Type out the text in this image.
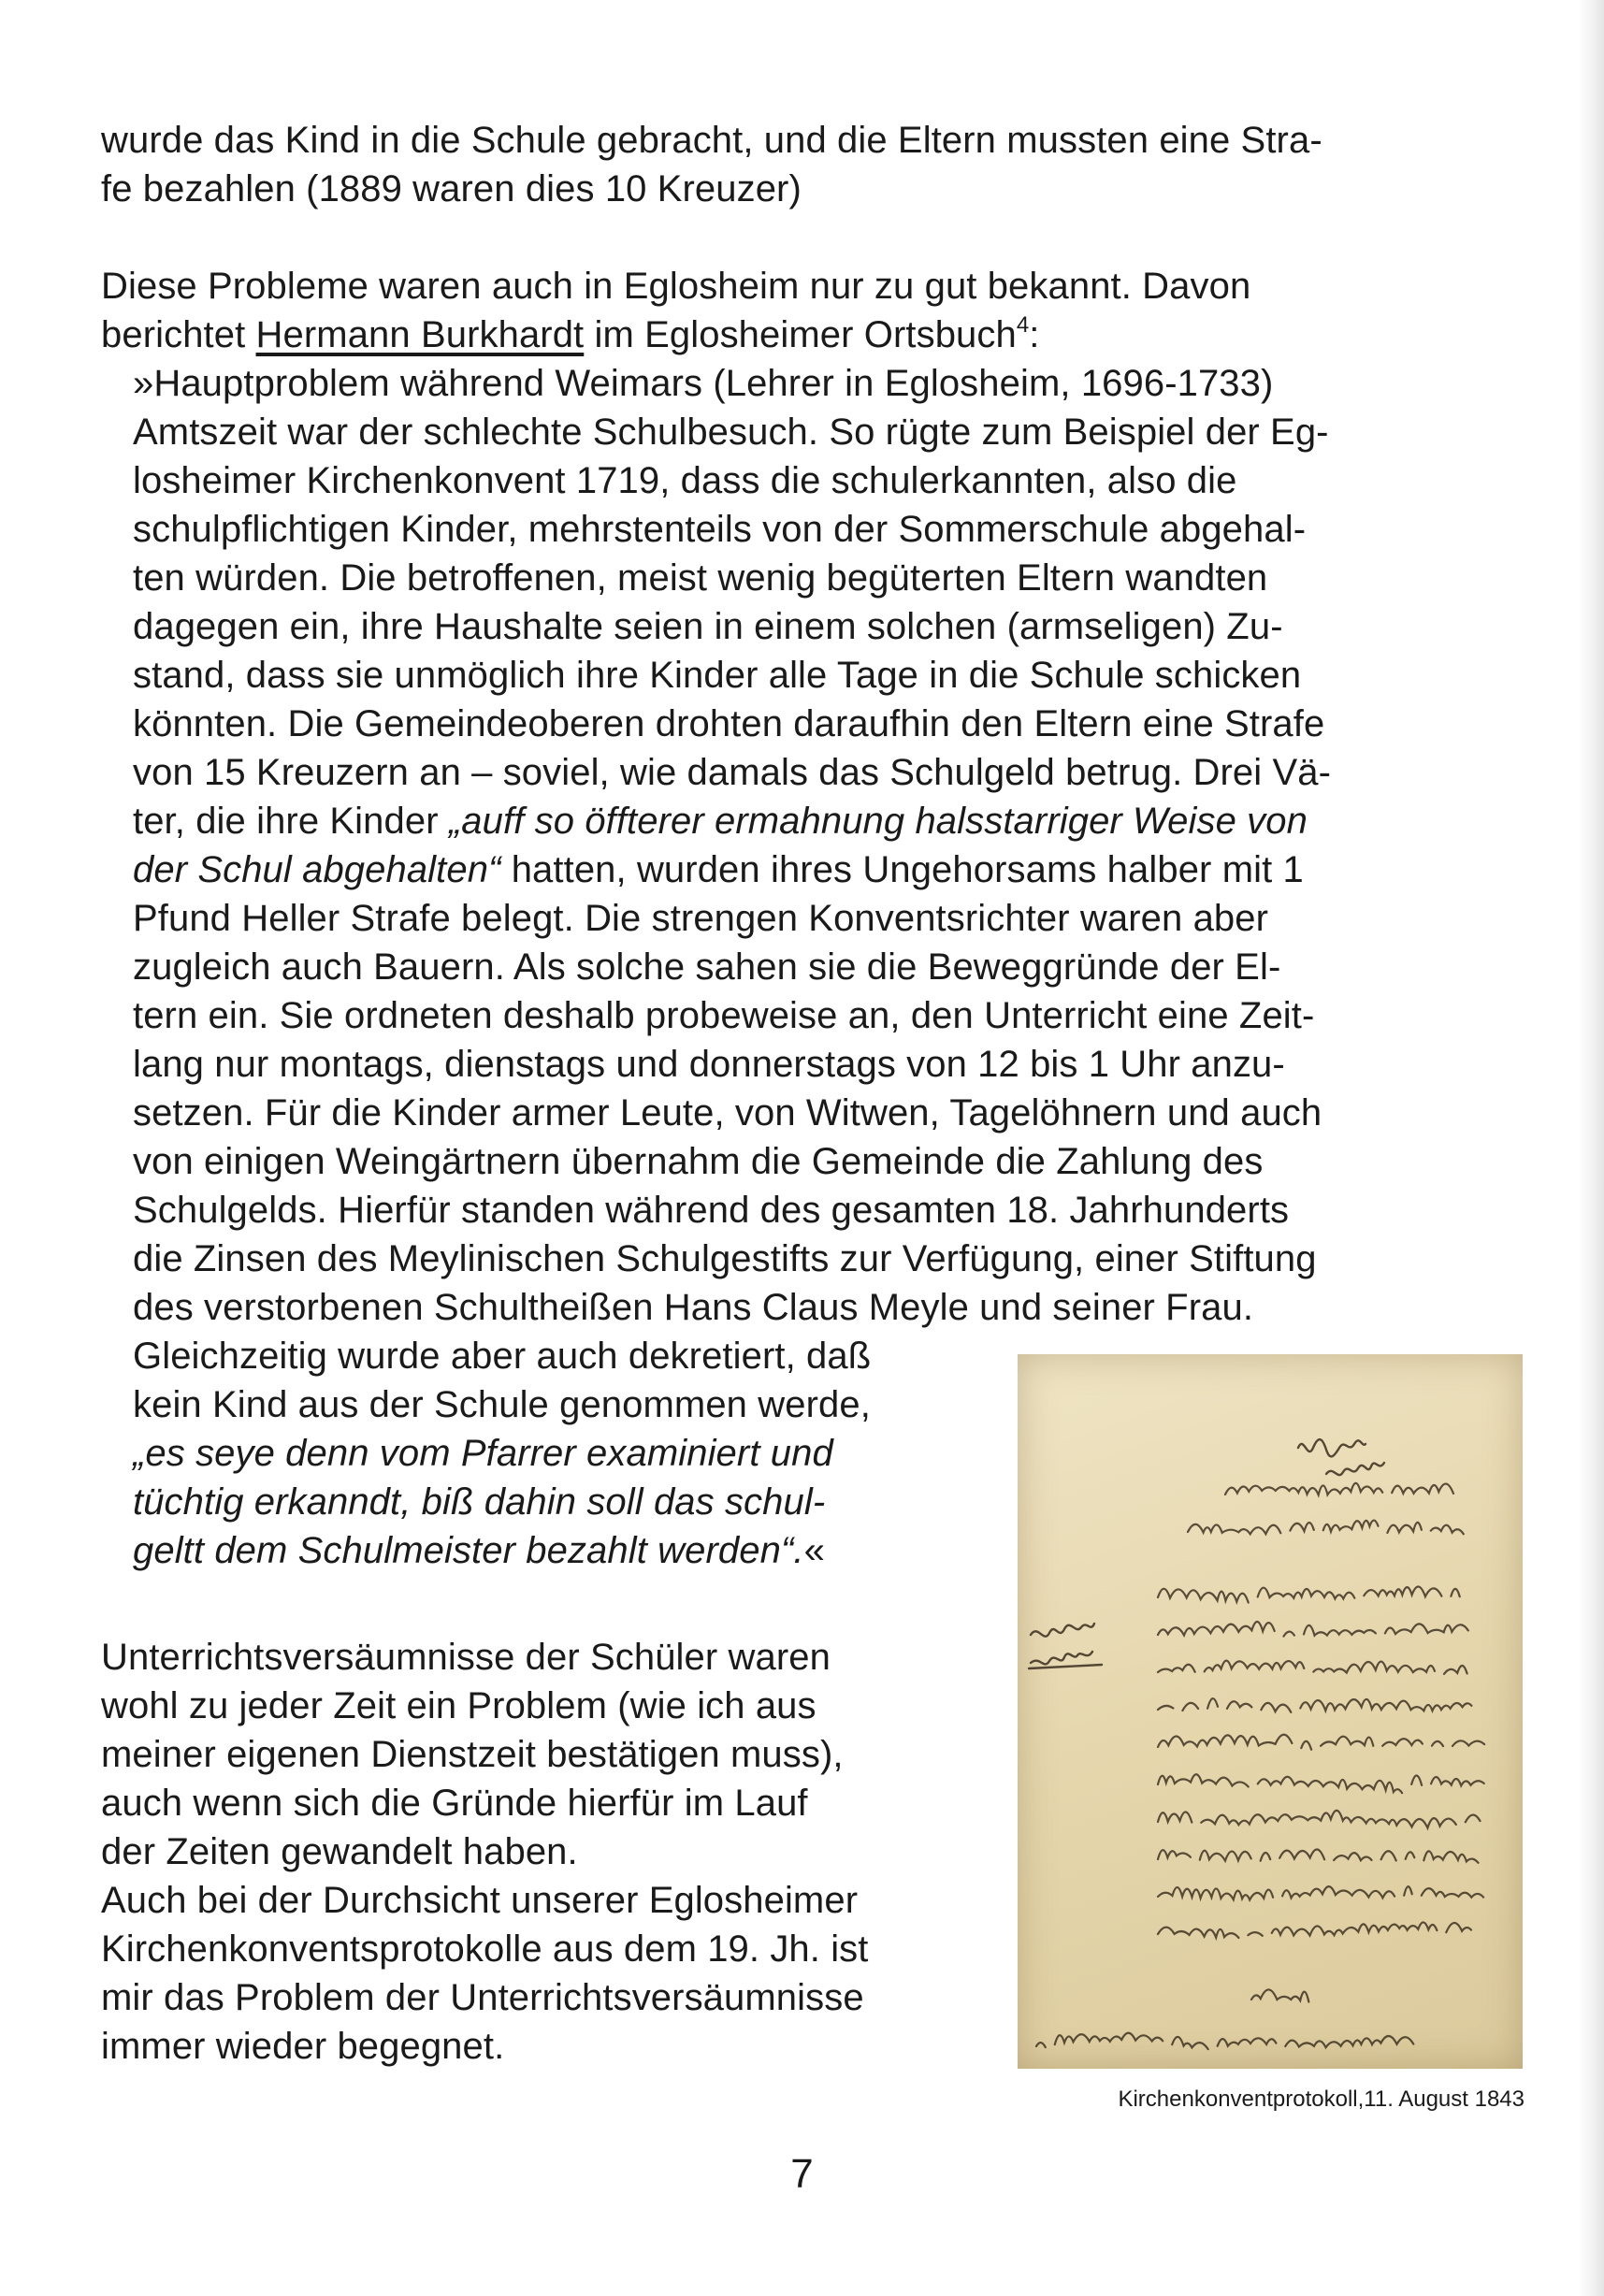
wurde das Kind in die Schule gebracht, und die Eltern mussten eine Stra-
fe bezahlen (1889 waren dies 10 Kreuzer)
Diese Probleme waren auch in Eglosheim nur zu gut bekannt. Davon
berichtet Hermann Burkhardt im Eglosheimer Ortsbuch$^4$:
»Hauptproblem während Weimars (Lehrer in Eglosheim, 1696-1733)
Amtszeit war der schlechte Schulbesuch. So rügte zum Beispiel der Eg-
losheimer Kirchenkonvent 1719, dass die schulerkannten, also die
schulpflichtigen Kinder, mehrstenteils von der Sommerschule abgehal-
ten würden. Die betroffenen, meist wenig begüterten Eltern wandten
dagegen ein, ihre Haushalte seien in einem solchen (armseligen) Zu-
stand, dass sie unmöglich ihre Kinder alle Tage in die Schule schicken
könnten. Die Gemeindeoberen drohten daraufhin den Eltern eine Strafe
von 15 Kreuzern an – soviel, wie damals das Schulgeld betrug. Drei Vä-
ter, die ihre Kinder „auff so öffterer ermahnung halsstarriger Weise von
der Schul abgehalten“ hatten, wurden ihres Ungehorsams halber mit 1
Pfund Heller Strafe belegt. Die strengen Konventsrichter waren aber
zugleich auch Bauern. Als solche sahen sie die Beweggründe der El-
tern ein. Sie ordneten deshalb probeweise an, den Unterricht eine Zeit-
lang nur montags, dienstags und donnerstags von 12 bis 1 Uhr anzu-
setzen. Für die Kinder armer Leute, von Witwen, Tagelöhnern und auch
von einigen Weingärtnern übernahm die Gemeinde die Zahlung des
Schulgelds. Hierfür standen während des gesamten 18. Jahrhunderts
die Zinsen des Meylinischen Schulgestifts zur Verfügung, einer Stiftung
des verstorbenen Schultheißen Hans Claus Meyle und seiner Frau.
Gleichzeitig wurde aber auch dekretiert, daß
kein Kind aus der Schule genommen werde,
„es seye denn vom Pfarrer examiniert und
tüchtig erkanndt, biß dahin soll das schul-
geltt dem Schulmeister bezahlt werden“.«
Unterrichtsversäumnisse der Schüler waren
wohl zu jeder Zeit ein Problem (wie ich aus
meiner eigenen Dienstzeit bestätigen muss),
auch wenn sich die Gründe hierfür im Lauf
der Zeiten gewandelt haben.
Auch bei der Durchsicht unserer Eglosheimer
Kirchenkonventsprotokolle aus dem 19. Jh. ist
mir das Problem der Unterrichtsversäumnisse
immer wieder begegnet.
Kirchenkonventprotokoll,11. August 1843
7
